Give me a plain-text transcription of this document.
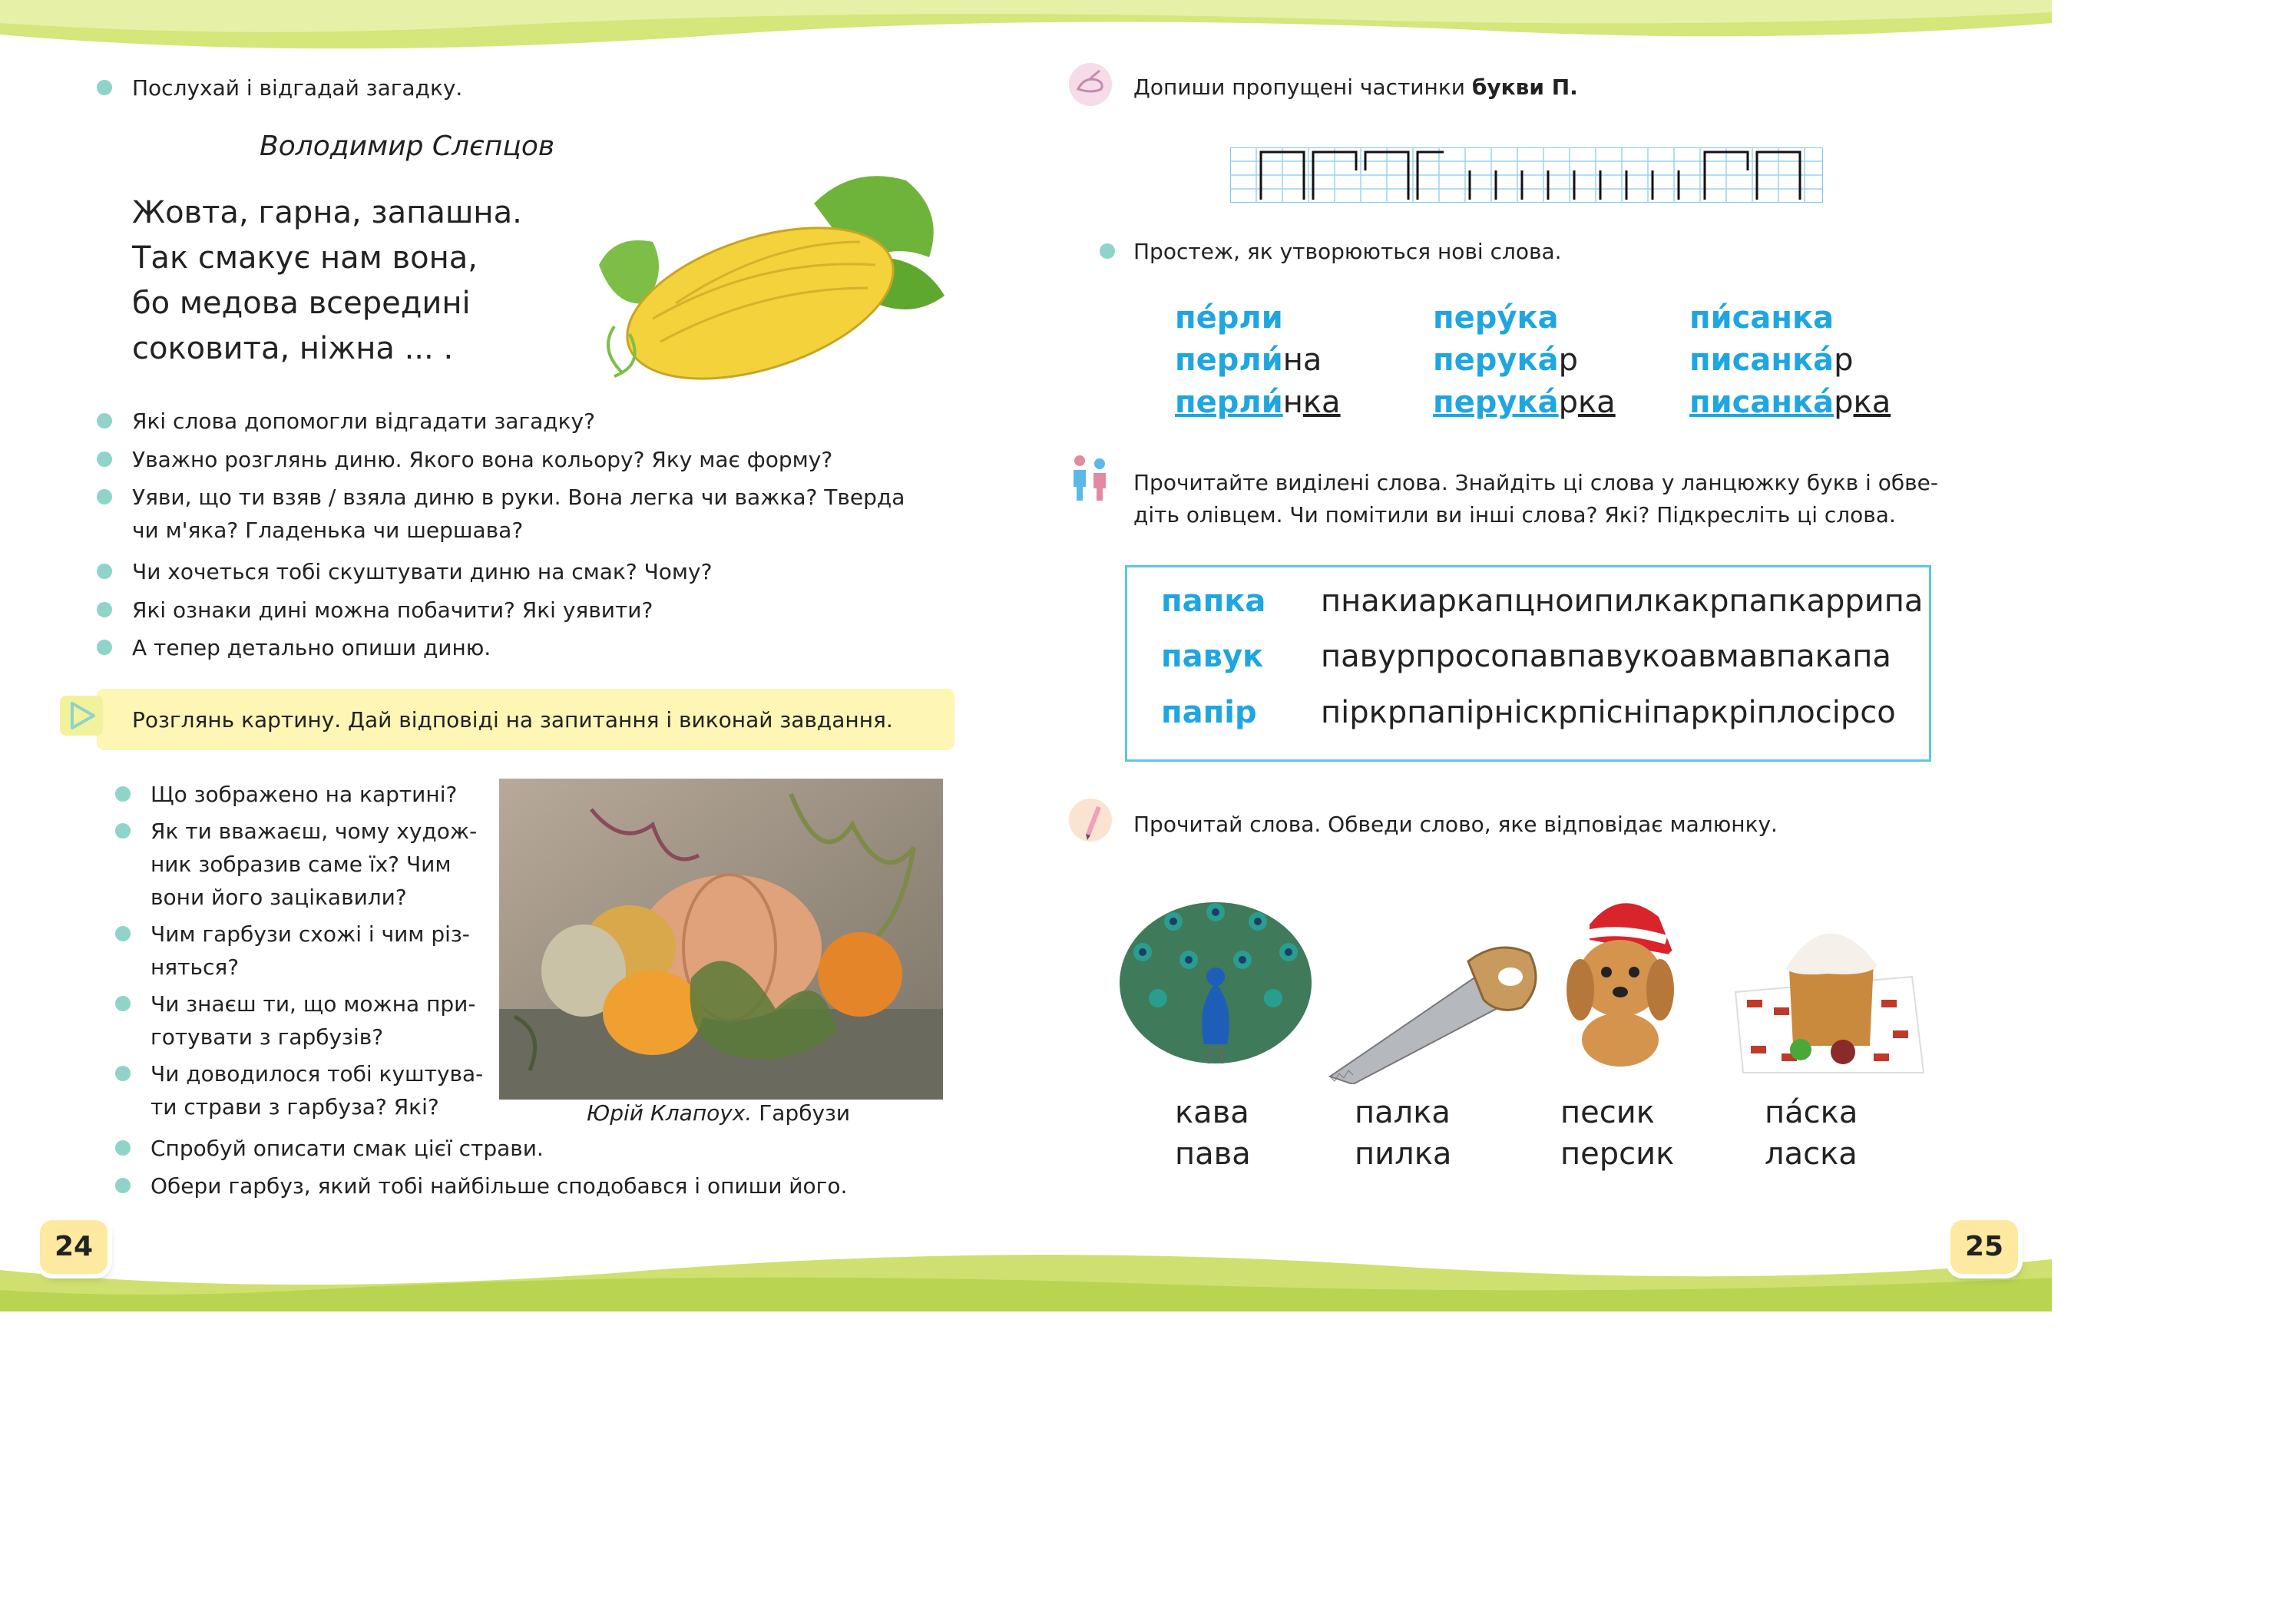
Послухай і відгадай загадку.
Володимир Слєпцов
Жовта, гарна, запашна.
Так смакує нам вона,
бо медова всередині
соковита, ніжна ... .
Які слова допомогли відгадати загадку?
Уважно розглянь диню. Якого вона кольору? Яку має форму?
Уяви, що ти взяв / взяла диню в руки. Вона легка чи важка? Тверда
чи м'яка? Гладенька чи шершава?
Чи хочеться тобі скуштувати диню на смак? Чому?
Які ознаки дині можна побачити? Які уявити?
А тепер детально опиши диню.
Розглянь картину. Дай відповіді на запитання і виконай завдання.
Що зображено на картині?
Як ти вважаєш, чому худож-
ник зобразив саме їх? Чим
вони його зацікавили?
Чим гарбузи схожі і чим різ-
няться?
Чи знаєш ти, що можна при-
готувати з гарбузів?
Чи доводилося тобі куштува-
ти страви з гарбуза? Які?
Спробуй описати смак цієї страви.
Обери гарбуз, який тобі найбільше сподобався і опиши його.
Юрій Клапоух. Гарбузи
24
Допиши пропущені частинки букви П.
Простеж, як утворюються нові слова.
пе́рли
перли́на
перли́нка
перу́ка
перука́р
перука́рка
пи́санка
писанка́р
писанка́рка
Прочитайте виділені слова. Знайдіть ці слова у ланцюжку букв і обве-
діть олівцем. Чи помітили ви інші слова? Які? Підкресліть ці слова.
папка пнакиаркапцноипилкакрпапкаррипа
павук павурпросопавпавукоавмавпакапа
папір піркрпапірніскрпісніпаркріплосірсо
Прочитай слова. Обведи слово, яке відповідає малюнку.
кава
пава
палка
пилка
песик
персик
па́ска
ласка
25
